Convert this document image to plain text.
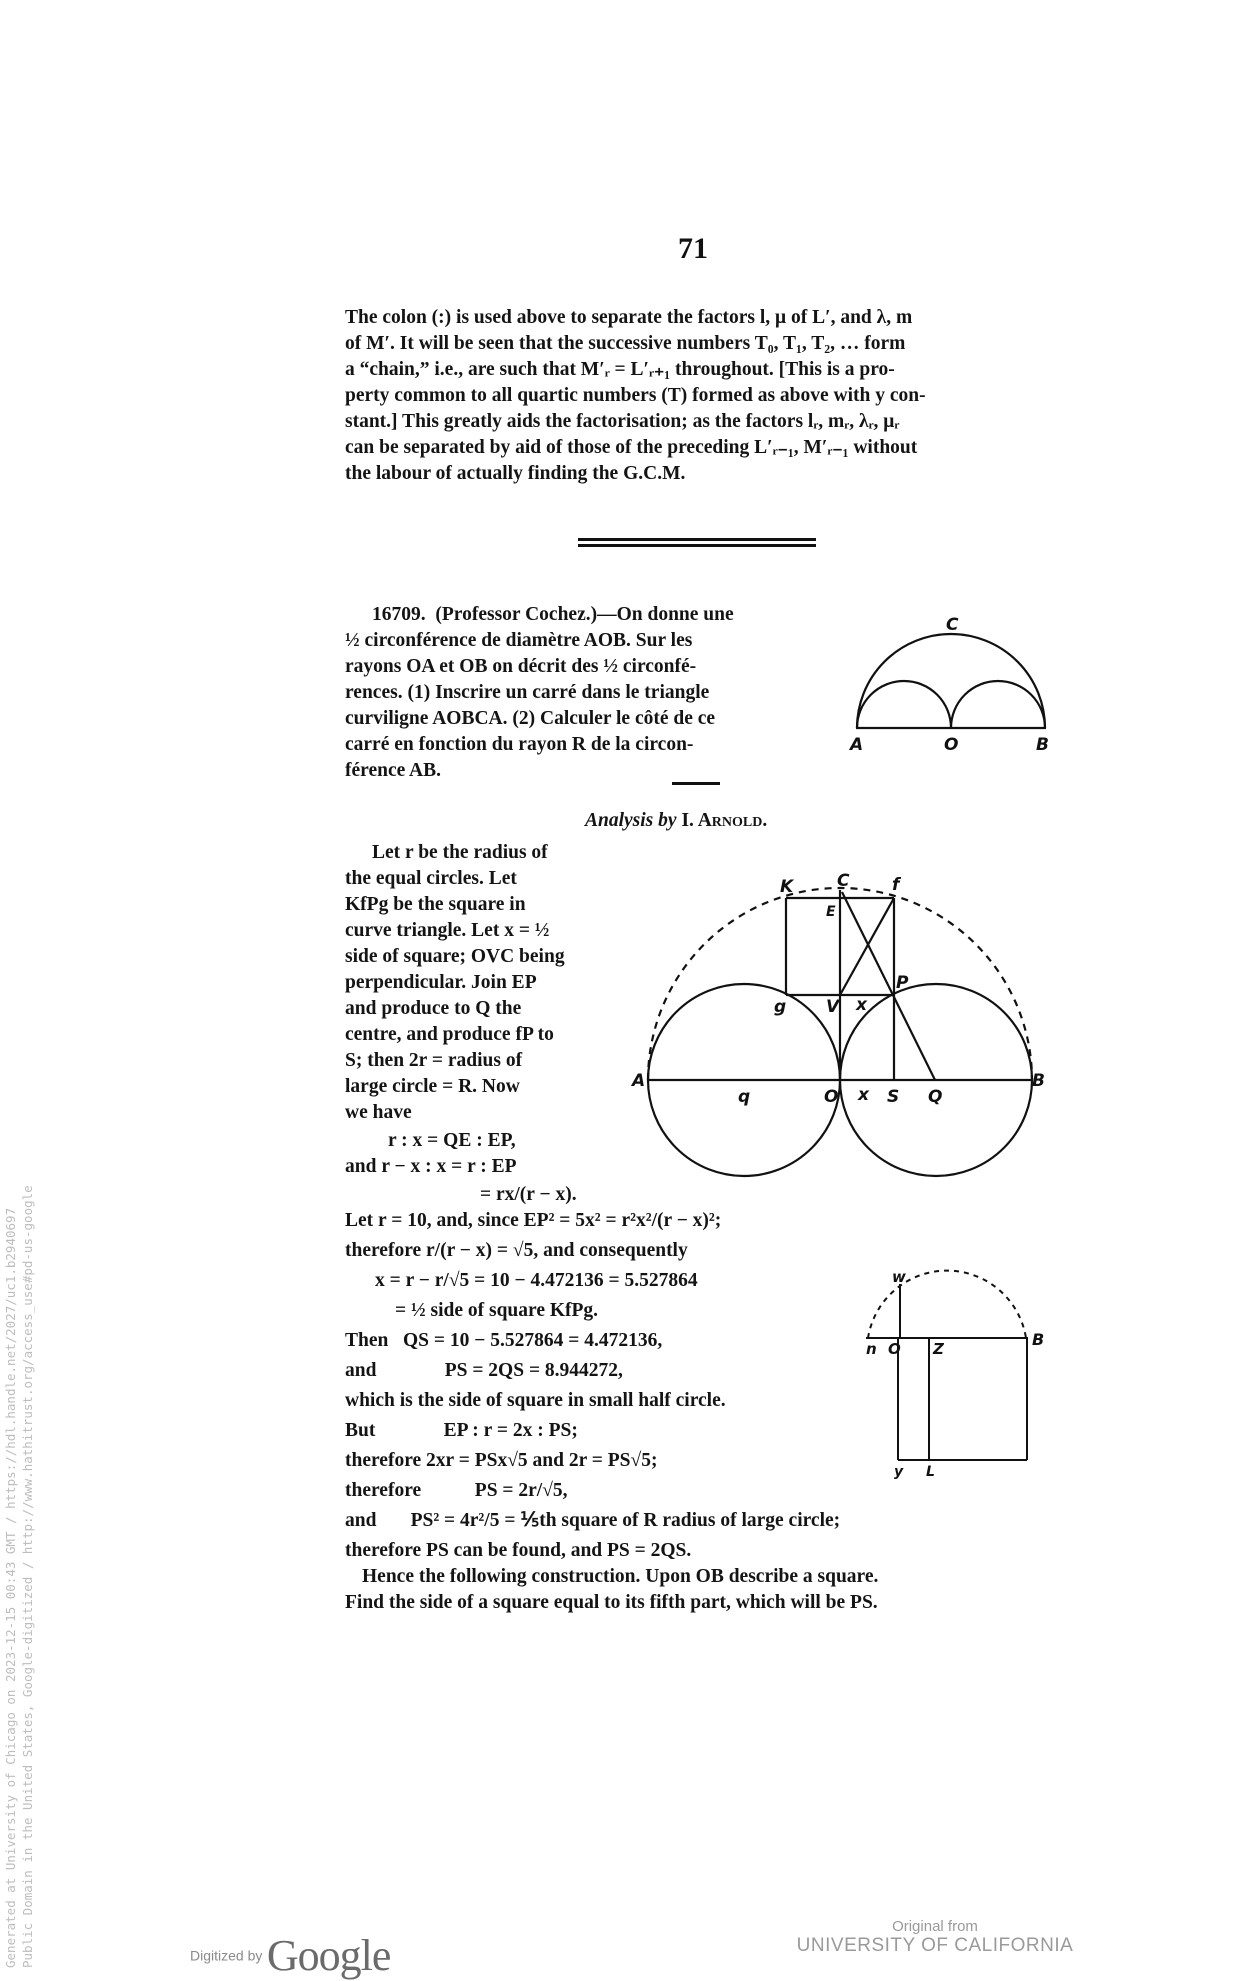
71
The colon (:) is used above to separate the factors l, μ of L′, and λ, m
of M′. It will be seen that the successive numbers T₀, T₁, T₂, … form
a “chain,” i.e., are such that M′ᵣ = L′ᵣ₊₁ throughout. [This is a pro-
perty common to all quartic numbers (T) formed as above with y con-
stant.] This greatly aids the factorisation; as the factors lᵣ, mᵣ, λᵣ, μᵣ
can be separated by aid of those of the preceding L′ᵣ₋₁, M′ᵣ₋₁ without
the labour of actually finding the G.C.M.
16709. (Professor Cochez.)—On donne une
½ circonférence de diamètre AOB. Sur les
rayons OA et OB on décrit des ½ circonfé-
rences. (1) Inscrire un carré dans le triangle
curviligne AOBCA. (2) Calculer le côté de ce
carré en fonction du rayon R de la circon-
férence AB.
C
A	O	B
Analysis by I. Arnold.
Let r be the radius of
the equal circles. Let
KfPg be the square in
curve triangle. Let x = ½
side of square; OVC being
perpendicular. Join EP
and produce to Q the
centre, and produce fP to
S; then 2r = radius of
large circle = R. Now
we have
r : x = QE : EP,
and r − x : x = r : EP
= rx/(r − x).
K	C	f
E
P
g V x
A
q	O x S Q
B
Let r = 10, and, since EP² = 5x² = r²x²/(r − x)²;
therefore r/(r − x) = √5, and consequently
x = r − r/√5 = 10 − 4.472136 = 5.527864
= ½ side of square KfPg.
Then   QS = 10 − 5.527864 = 4.472136,
and              PS = 2QS = 8.944272,
which is the side of square in small half circle.
But              EP : r = 2x : PS;
therefore 2xr = PSx√5 and 2r = PS√5;
therefore           PS = 2r/√5,
and       PS² = 4r²/5 = ⅕th square of R radius of large circle;
therefore PS can be found, and PS = 2QS.
Hence the following construction. Upon OB describe a square.
Find the side of a square equal to its fifth part, which will be PS.
w
n O Z	B
y L
Generated at University of Chicago on 2023-12-15 00:43 GMT / https://hdl.handle.net/2027/uc1.b2940697 Public Domain in the United States, Google-digitized / http://www.hathitrust.org/access_use#pd-us-google	Digitized by Google
Original from
UNIVERSITY OF CALIFORNIA
